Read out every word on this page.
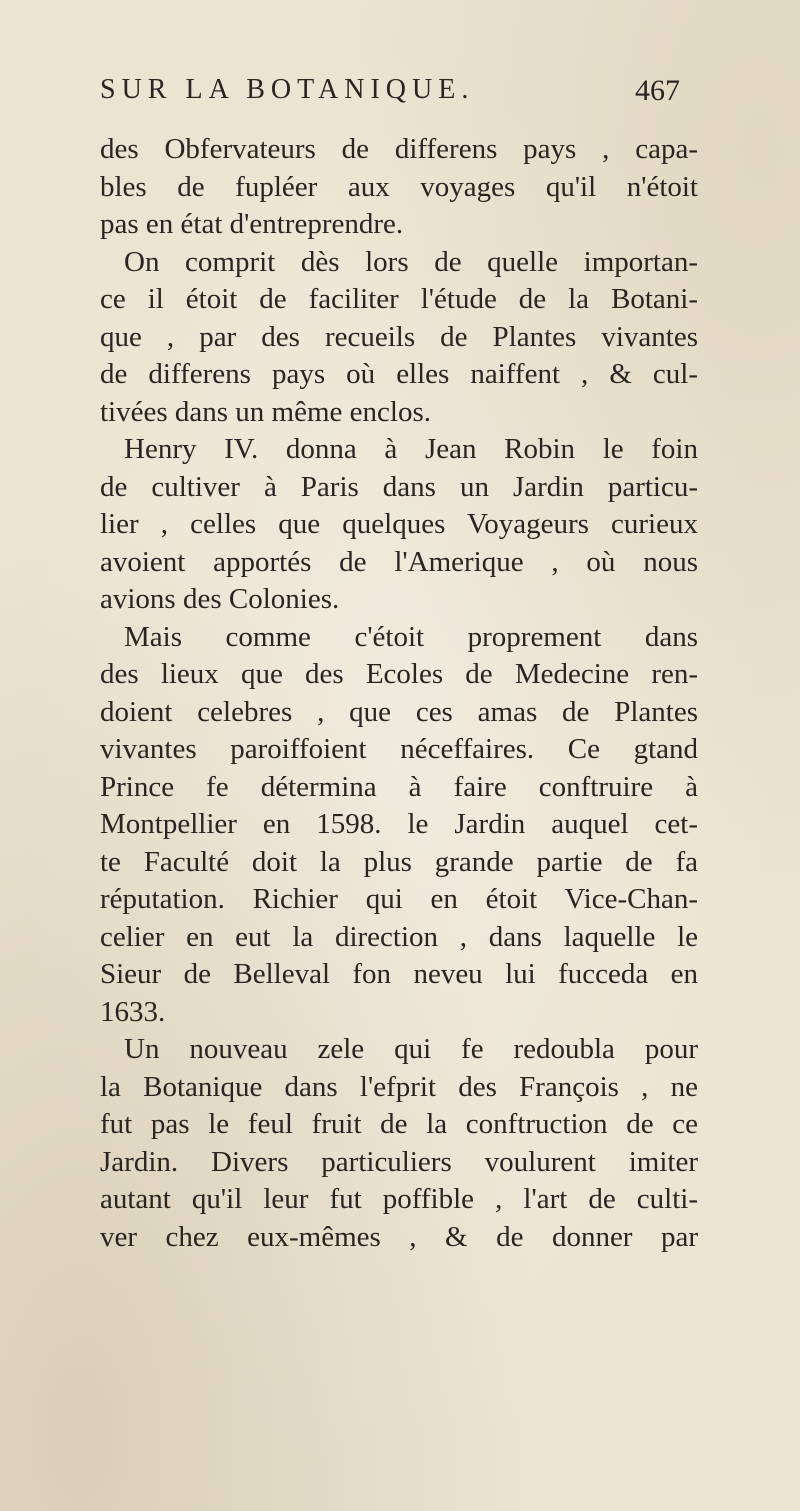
SUR LA BOTANIQUE.	467
des Obfervateurs de differens pays , capa-
bles de fupléer aux voyages qu'il n'étoit
pas en état d'entreprendre.
On comprit dès lors de quelle importan-
ce il étoit de faciliter l'étude de la Botani-
que , par des recueils de Plantes vivantes
de differens pays où elles naiffent , & cul-
tivées dans un même enclos.
Henry IV. donna à Jean Robin le foin
de cultiver à Paris dans un Jardin particu-
lier , celles que quelques Voyageurs curieux
avoient apportés de l'Amerique , où nous
avions des Colonies.
Mais comme c'étoit proprement dans
des lieux que des Ecoles de Medecine ren-
doient celebres , que ces amas de Plantes
vivantes paroiffoient néceffaires. Ce gtand
Prince fe détermina à faire conftruire à
Montpellier en 1598. le Jardin auquel cet-
te Faculté doit la plus grande partie de fa
réputation. Richier qui en étoit Vice-Chan-
celier en eut la direction , dans laquelle le
Sieur de Belleval fon neveu lui fucceda en
1633.
Un nouveau zele qui fe redoubla pour
la Botanique dans l'efprit des François , ne
fut pas le feul fruit de la conftruction de ce
Jardin. Divers particuliers voulurent imiter
autant qu'il leur fut poffible , l'art de culti-
ver chez eux-mêmes , & de donner par
